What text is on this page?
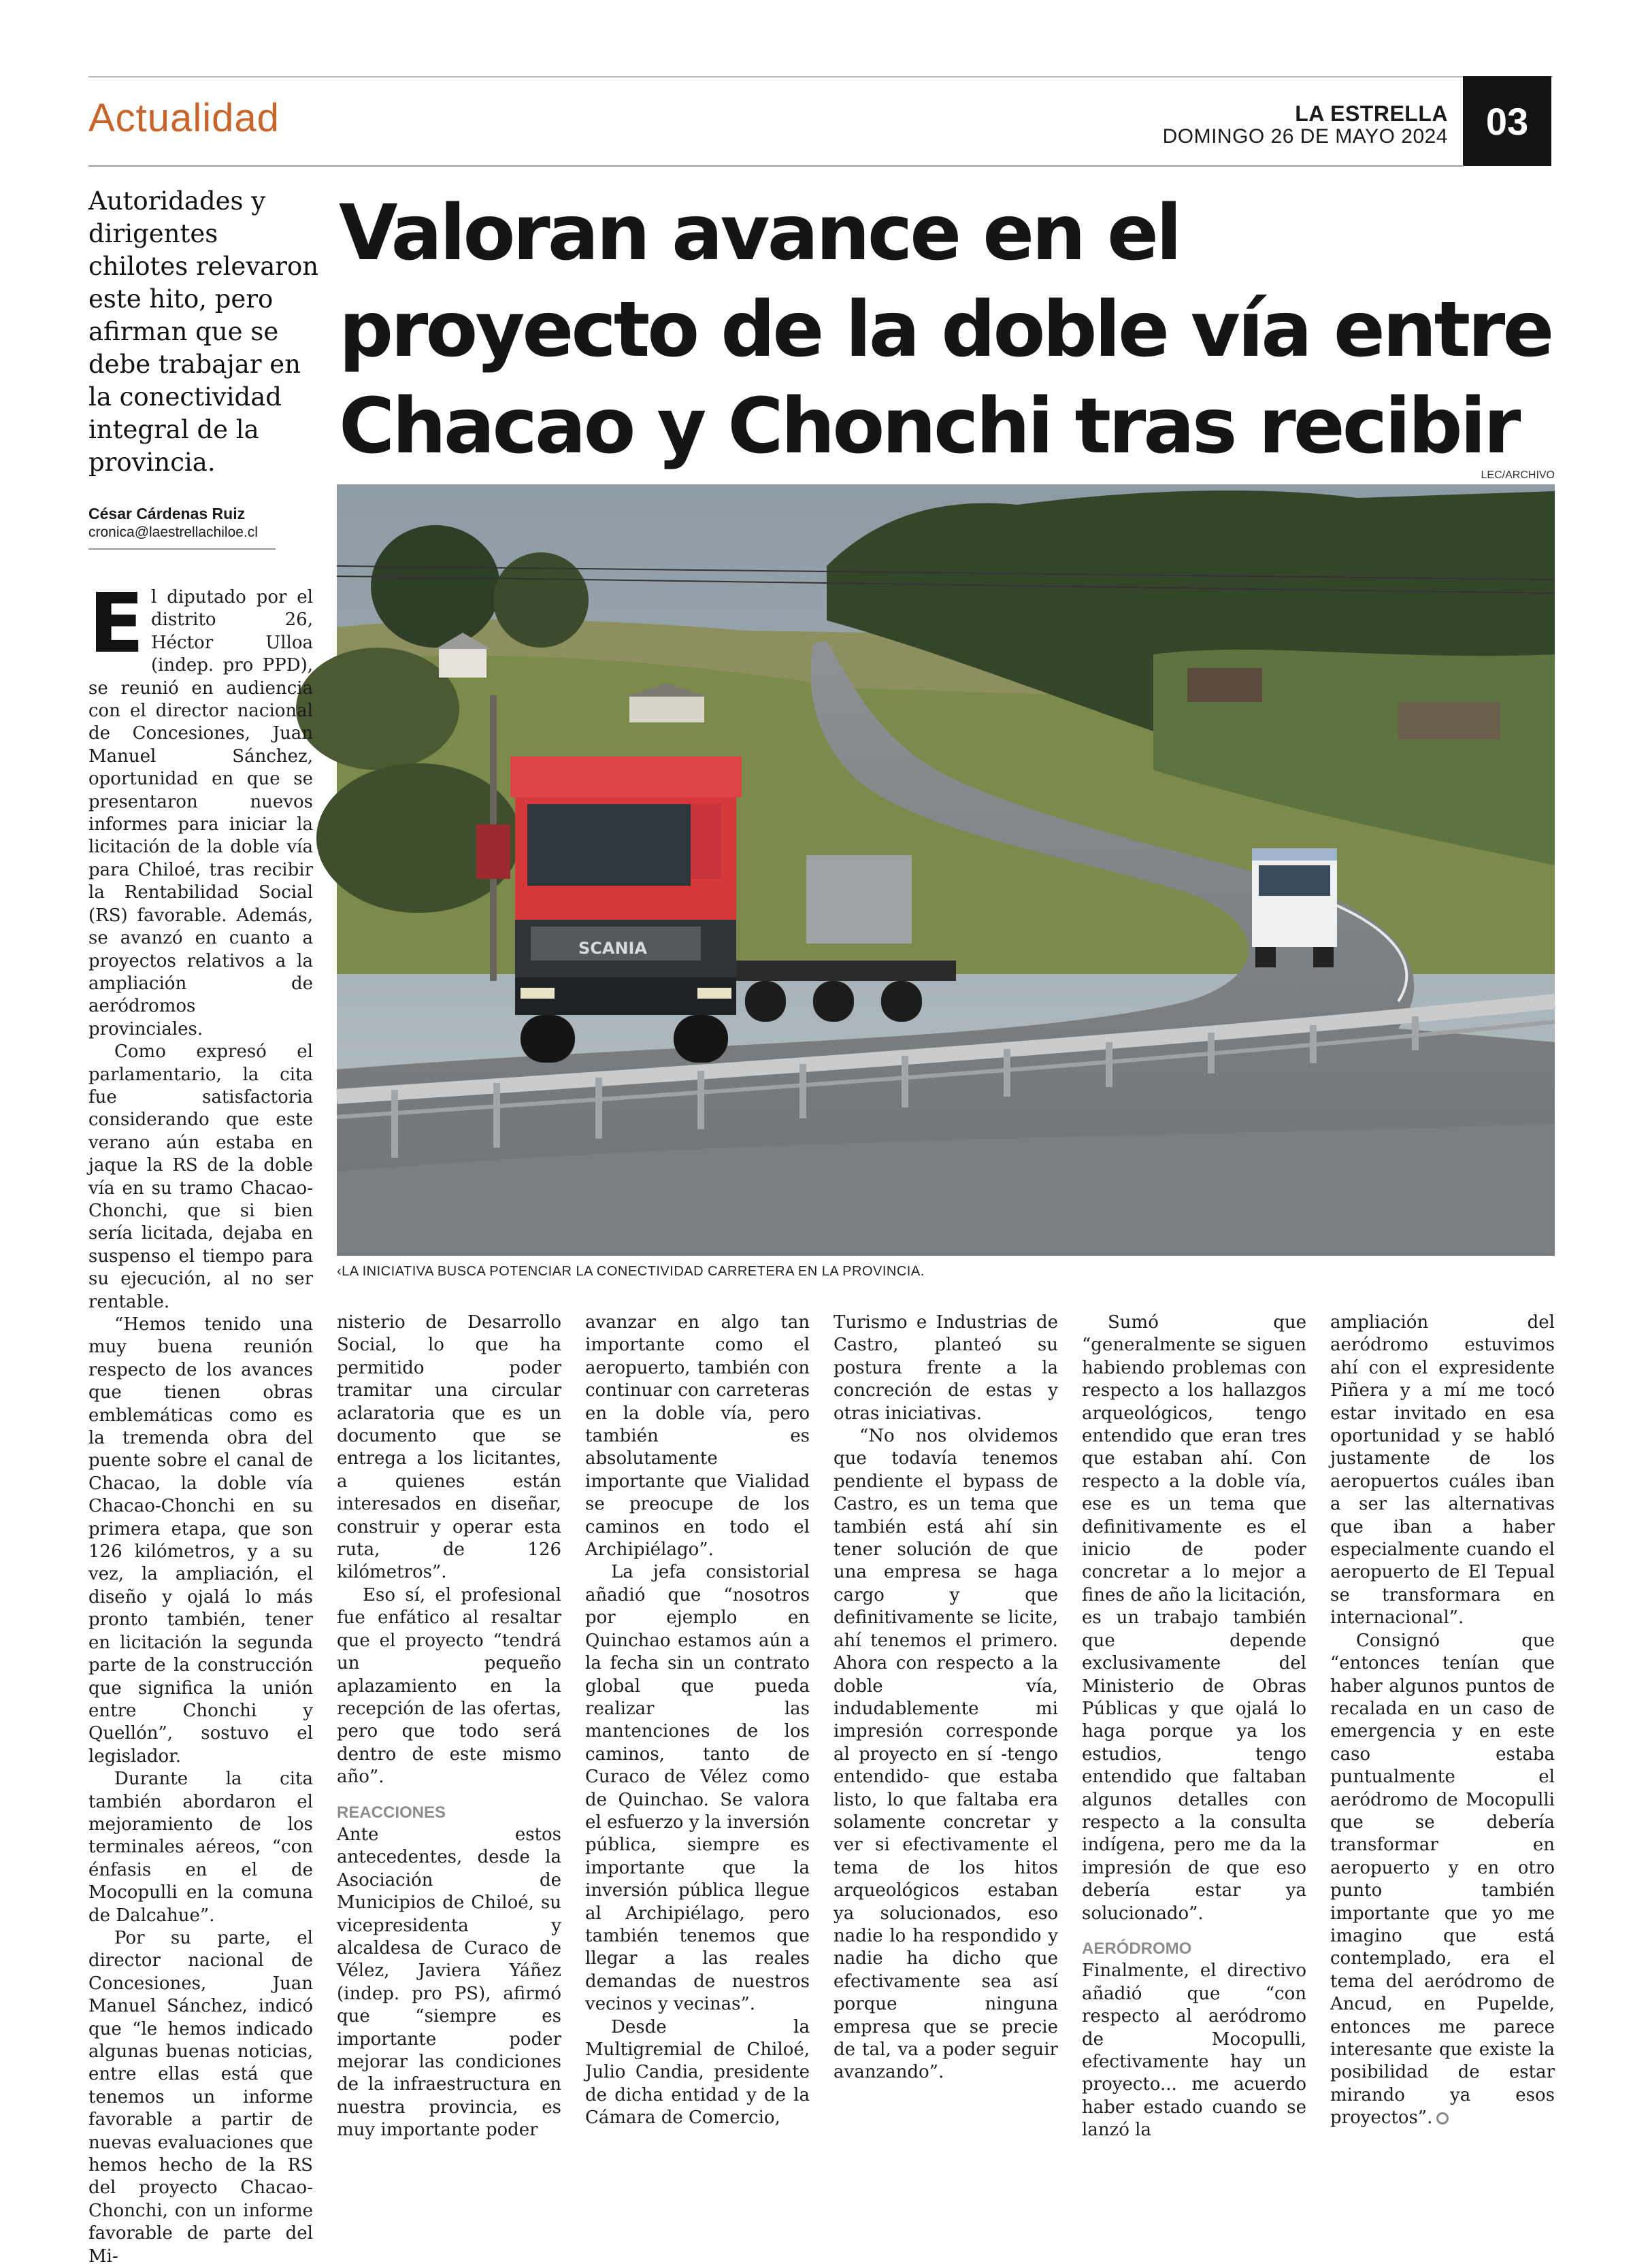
Actualidad	LA ESTRELLA
DOMINGO 26 DE MAYO 2024 03
Autoridades y dirigentes chilotes relevaron este hito, pero afirman que se debe trabajar en la conectividad integral de la provincia.
Valoran avance en el proyecto de la doble vía entre Chacao y Chonchi tras recibir
César Cárdenas Ruiz
cronica@laestrellachiloe.cl
LEC/ARCHIVO
SCANIA
‹LA INICIATIVA BUSCA POTENCIAR LA CONECTIVIDAD CARRETERA EN LA PROVINCIA.

El diputado por el distrito 26, Héctor Ulloa (indep. pro PPD), se reunió en audiencia con el director nacional de Concesiones, Juan Manuel Sánchez, oportunidad en que se presentaron nuevos informes para iniciar la licitación de la doble vía para Chiloé, tras recibir la Rentabilidad Social (RS) favorable. Además, se avanzó en cuanto a proyectos relativos a la ampliación de aeródromos provinciales.

Como expresó el parlamentario, la cita fue satisfactoria considerando que este verano aún estaba en jaque la RS de la doble vía en su tramo Chacao-Chonchi, que si bien sería licitada, dejaba en suspenso el tiempo para su ejecución, al no ser rentable.

“Hemos tenido una muy buena reunión respecto de los avances que tienen obras emblemáticas como es la tremenda obra del puente sobre el canal de Chacao, la doble vía Chacao-Chonchi en su primera etapa, que son 126 kilómetros, y a su vez, la ampliación, el diseño y ojalá lo más pronto también, tener en licitación la segunda parte de la construcción que significa la unión entre Chonchi y Quellón”, sostuvo el legislador.

Durante la cita también abordaron el mejoramiento de los terminales aéreos, “con énfasis en el de Mocopulli en la comuna de Dalcahue”.

Por su parte, el director nacional de Concesiones, Juan Manuel Sánchez, indicó que “le hemos indicado algunas buenas noticias, entre ellas está que tenemos un informe favorable a partir de nuevas evaluaciones que hemos hecho de la RS del proyecto Chacao-Chonchi, con un informe favorable de parte del Mi-

nisterio de Desarrollo Social, lo que ha permitido poder tramitar una circular aclaratoria que es un documento que se entrega a los licitantes, a quienes están interesados en diseñar, construir y operar esta ruta, de 126 kilómetros”.

Eso sí, el profesional fue enfático al resaltar que el proyecto “tendrá un pequeño aplazamiento en la recepción de las ofertas, pero que todo será dentro de este mismo año”.

REACCIONES

Ante estos antecedentes, desde la Asociación de Municipios de Chiloé, su vicepresidenta y alcaldesa de Curaco de Vélez, Javiera Yáñez (indep. pro PS), afirmó que “siempre es importante poder mejorar las condiciones de la infraestructura en nuestra provincia, es muy importante poder

avanzar en algo tan importante como el aeropuerto, también con continuar con carreteras en la doble vía, pero también es absolutamente importante que Vialidad se preocupe de los caminos en todo el Archipiélago”.

La jefa consistorial añadió que “nosotros por ejemplo en Quinchao estamos aún a la fecha sin un contrato global que pueda realizar las mantenciones de los caminos, tanto de Curaco de Vélez como de Quinchao. Se valora el esfuerzo y la inversión pública, siempre es importante que la inversión pública llegue al Archipiélago, pero también tenemos que llegar a las reales demandas de nuestros vecinos y vecinas”.

Desde la Multigremial de Chiloé, Julio Candia, presidente de dicha entidad y de la Cámara de Comercio,

Turismo e Industrias de Castro, planteó su postura frente a la concreción de estas y otras iniciativas.

“No nos olvidemos que todavía tenemos pendiente el bypass de Castro, es un tema que también está ahí sin tener solución de que una empresa se haga cargo y que definitivamente se licite, ahí tenemos el primero. Ahora con respecto a la doble vía, indudablemente mi impresión corresponde al proyecto en sí -tengo entendido- que estaba listo, lo que faltaba era solamente concretar y ver si efectivamente el tema de los hitos arqueológicos estaban ya solucionados, eso nadie lo ha respondido y nadie ha dicho que efectivamente sea así porque ninguna empresa que se precie de tal, va a poder seguir avanzando”.

Sumó que “generalmente se siguen habiendo problemas con respecto a los hallazgos arqueológicos, tengo entendido que eran tres que estaban ahí. Con respecto a la doble vía, ese es un tema que definitivamente es el inicio de poder concretar a lo mejor a fines de año la licitación, es un trabajo también que depende exclusivamente del Ministerio de Obras Públicas y que ojalá lo haga porque ya los estudios, tengo entendido que faltaban algunos detalles con respecto a la consulta indígena, pero me da la impresión de que eso debería estar ya solucionado”.

AERÓDROMO

Finalmente, el directivo añadió que “con respecto al aeródromo de Mocopulli, efectivamente hay un proyecto... me acuerdo haber estado cuando se lanzó la

ampliación del aeródromo estuvimos ahí con el expresidente Piñera y a mí me tocó estar invitado en esa oportunidad y se habló justamente de los aeropuertos cuáles iban a ser las alternativas que iban a haber especialmente cuando el aeropuerto de El Tepual se transformara en internacional”.

Consignó que “entonces tenían que haber algunos puntos de recalada en un caso de emergencia y en este caso estaba puntualmente el aeródromo de Mocopulli que se debería transformar en aeropuerto y en otro punto también importante que yo me imagino que está contemplado, era el tema del aeródromo de Ancud, en Pupelde, entonces me parece interesante que existe la posibilidad de estar mirando ya esos proyectos”.
